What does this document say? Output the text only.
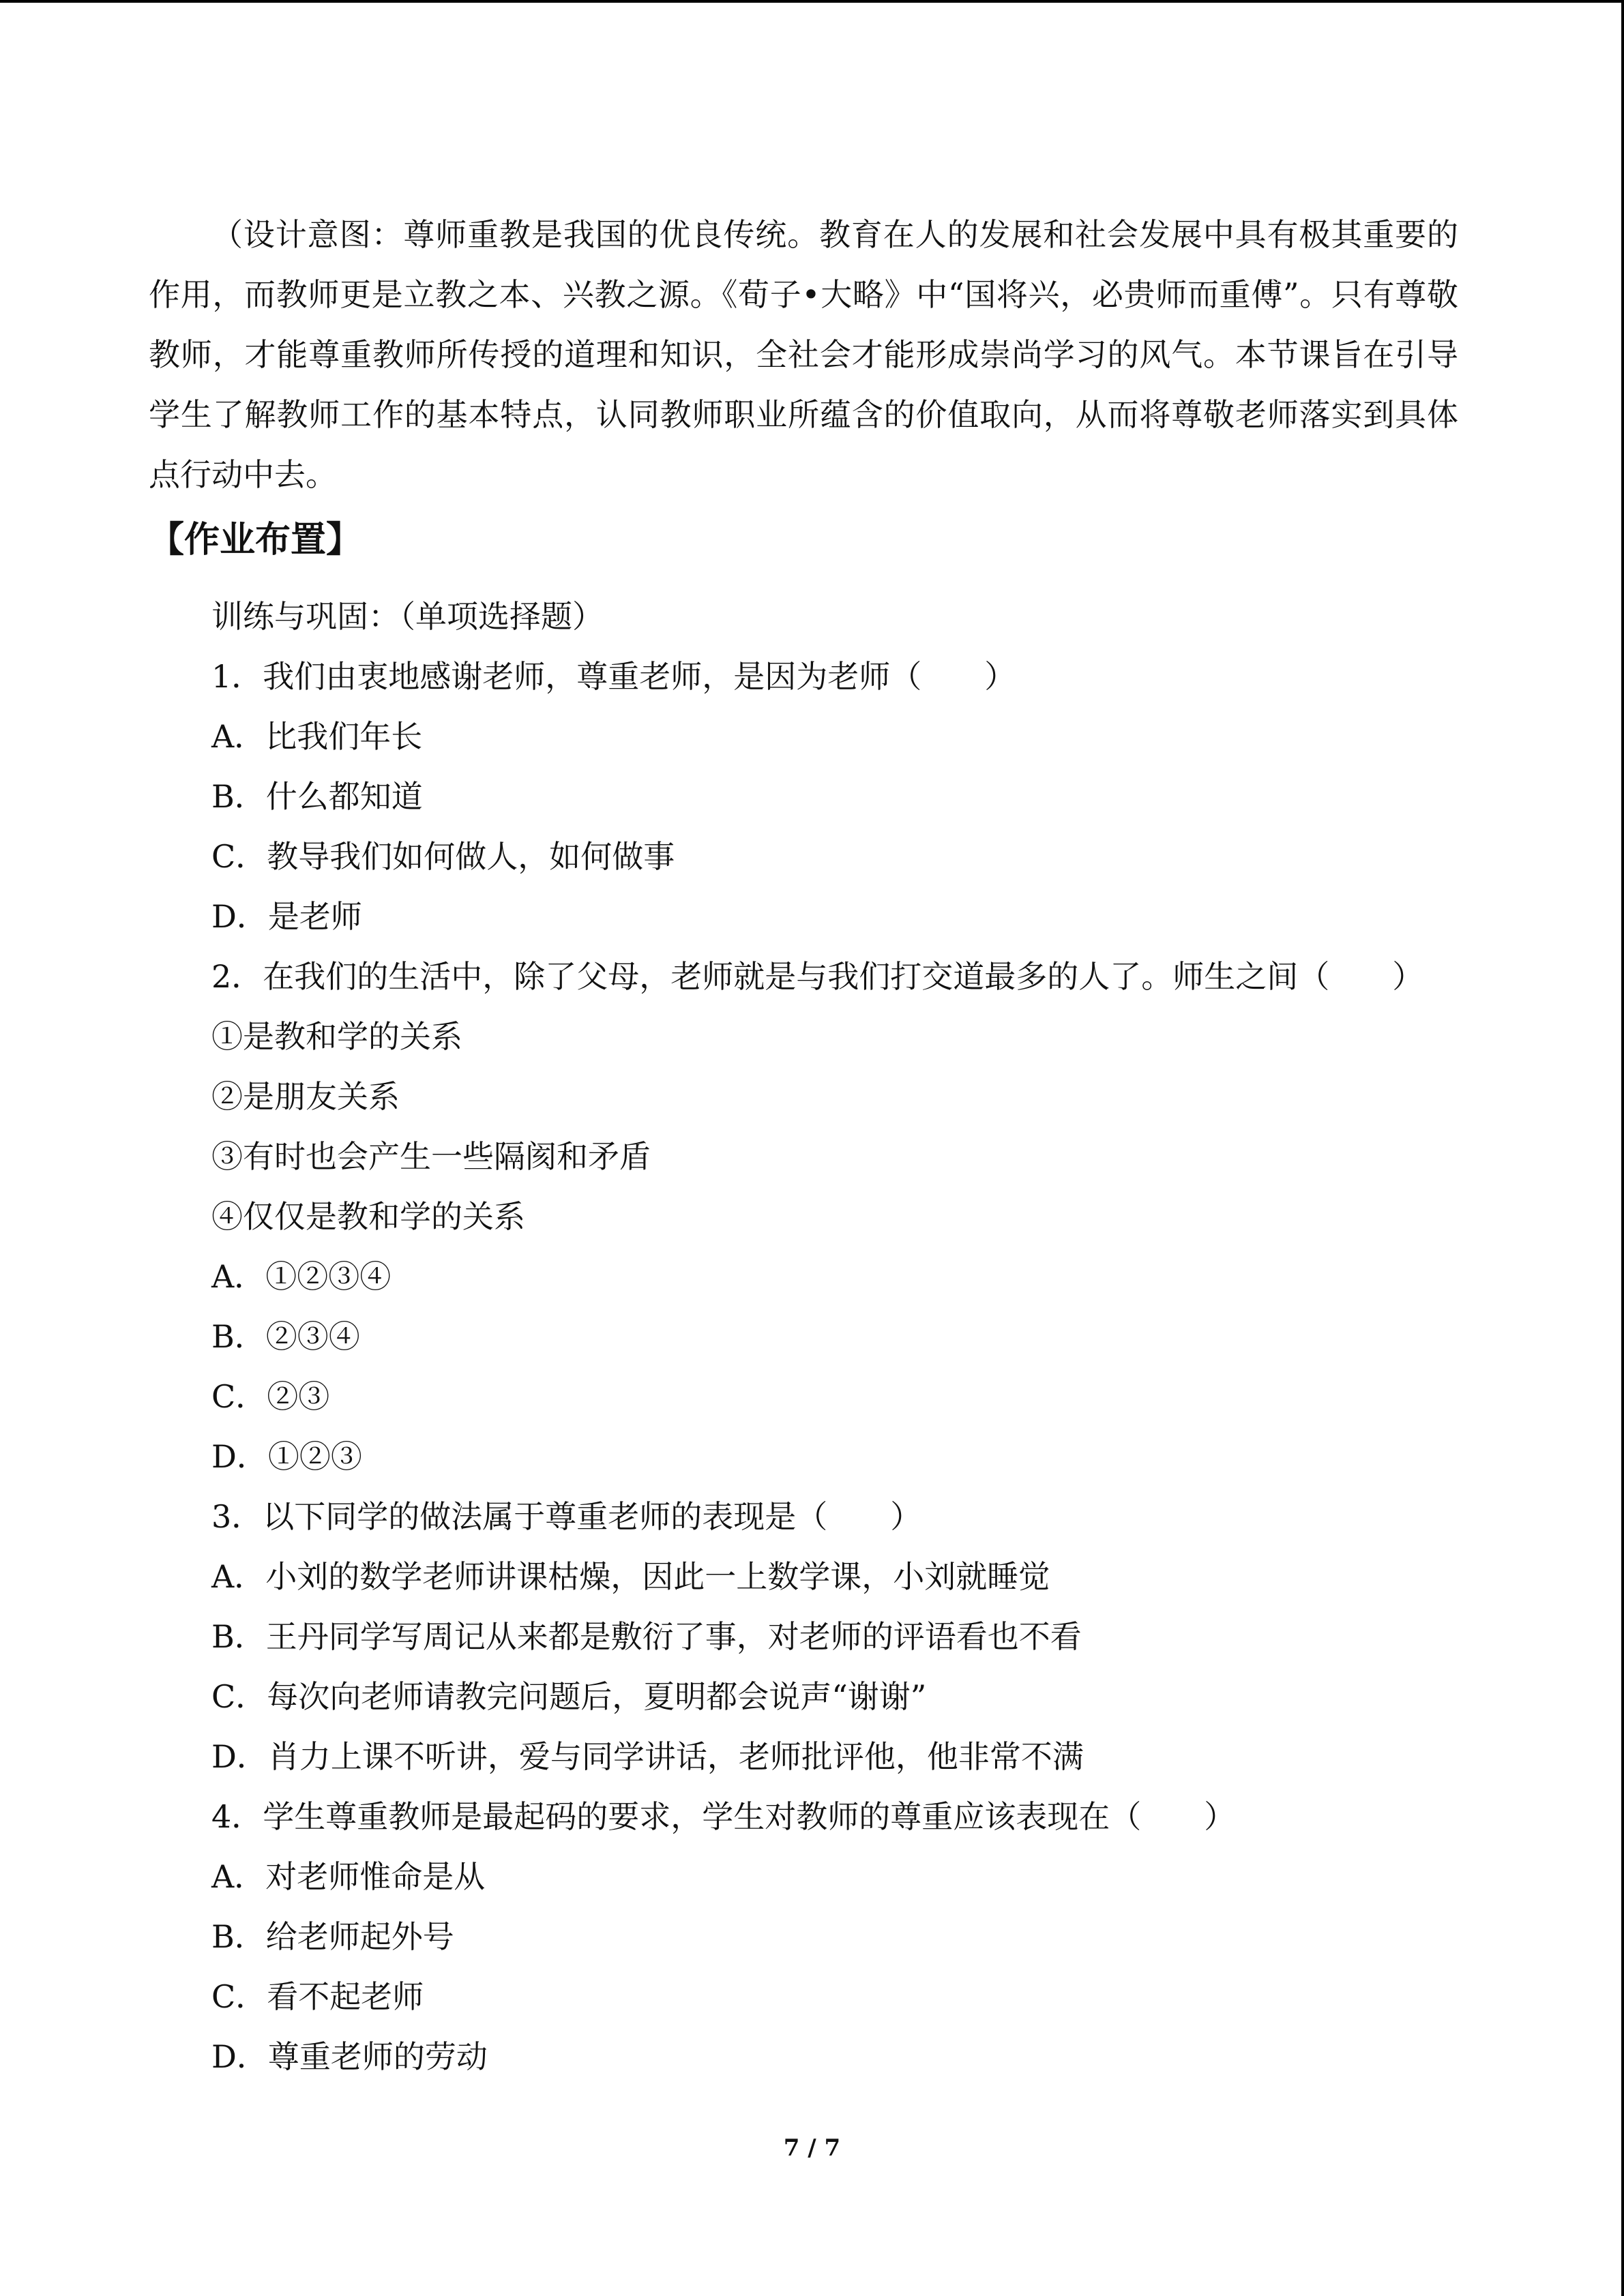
（设计意图：尊师重教是我国的优良传统。教育在人的发展和社会发展中具有极其重要的作用，而教师更是立教之本、兴教之源。《荀子•大略》中“国将兴，必贵师而重傅”。只有尊敬教师，才能尊重教师所传授的道理和知识，全社会才能形成崇尚学习的风气。本节课旨在引导学生了解教师工作的基本特点，认同教师职业所蕴含的价值取向，从而将尊敬老师落实到具体点行动中去。

【作业布置】
训练与巩固：（单项选择题）
1．我们由衷地感谢老师，尊重老师，是因为老师（　　）
A．比我们年长
B．什么都知道
C．教导我们如何做人，如何做事
D．是老师
2．在我们的生活中，除了父母，老师就是与我们打交道最多的人了。师生之间（　　）
①是教和学的关系
②是朋友关系
③有时也会产生一些隔阂和矛盾
④仅仅是教和学的关系
A．①②③④
B．②③④
C．②③
D．①②③
3．以下同学的做法属于尊重老师的表现是（　　）
A．小刘的数学老师讲课枯燥，因此一上数学课，小刘就睡觉
B．王丹同学写周记从来都是敷衍了事，对老师的评语看也不看
C．每次向老师请教完问题后，夏明都会说声“谢谢”
D．肖力上课不听讲，爱与同学讲话，老师批评他，他非常不满
4．学生尊重教师是最起码的要求，学生对教师的尊重应该表现在（　　）
A．对老师惟命是从
B．给老师起外号
C．看不起老师
D．尊重老师的劳动
7 / 7
